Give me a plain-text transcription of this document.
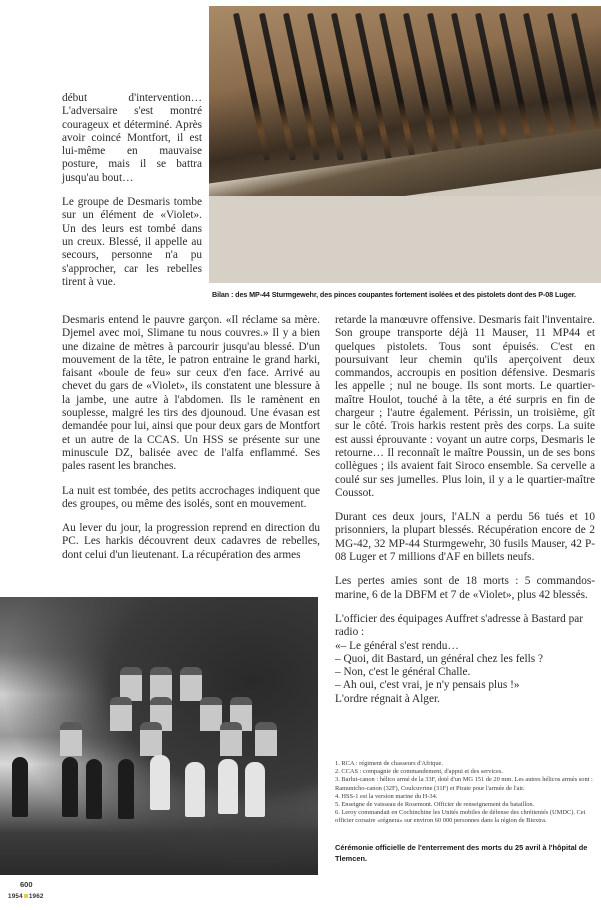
Bilan : des MP-44 Sturmgewehr, des pinces coupantes fortement isolées et des pistolets dont des P-08 Luger.

début d'intervention… L'adversaire s'est montré courageux et déterminé. Après avoir coincé Montfort, il est lui-même en mauvaise posture, mais il se battra jusqu'au bout…

Le groupe de Desmaris tombe sur un élément de «Violet». Un des leurs est tombé dans un creux. Blessé, il appelle au secours, personne n'a pu s'approcher, car les rebelles tirent à vue.

Desmaris entend le pauvre garçon. «Il réclame sa mère. Djemel avec moi, Slimane tu nous couvres.» Il y a bien une dizaine de mètres à parcourir jusqu'au blessé. D'un mouvement de la tête, le patron entraine le grand harki, faisant «boule de feu» sur ceux d'en face. Arrivé au chevet du gars de «Violet», ils constatent une blessure à la jambe, une autre à l'abdomen. Ils le ramènent en souplesse, malgré les tirs des djounoud. Une évasan est demandée pour lui, ainsi que pour deux gars de Montfort et un autre de la CCAS. Un HSS se présente sur une minuscule DZ, balisée avec de l'alfa enflammé. Ses pales rasent les branches.

La nuit est tombée, des petits accrochages indiquent que des groupes, ou même des isolés, sont en mouvement.

Au lever du jour, la progression reprend en direction du PC. Les harkis découvrent deux cadavres de rebelles, dont celui d'un lieutenant. La récupération des armes

retarde la manœuvre offensive. Desmaris fait l'inventaire. Son groupe transporte déjà 11 Mauser, 11 MP44 et quelques pistolets. Tous sont épuisés. C'est en poursuivant leur chemin qu'ils aperçoivent deux commandos, accroupis en position défensive. Desmaris les appelle ; nul ne bouge. Ils sont morts. Le quartier-maître Houlot, touché à la tête, a été surpris en fin de chargeur ; l'autre également. Périssin, un troisième, gît sur le côté. Trois harkis restent près des corps. La suite est aussi éprouvante : voyant un autre corps, Desmaris le retourne… Il reconnaît le maître Poussin, un de ses bons collègues ; ils avaient fait Siroco ensemble. Sa cervelle a coulé sur ses jumelles. Plus loin, il y a le quartier-maître Coussot.

Durant ces deux jours, l'ALN a perdu 56 tués et 10 prisonniers, la plupart blessés. Récupération encore de 2 MG-42, 32 MP-44 Sturmgewehr, 30 fusils Mauser, 42 P-08 Luger et 7 millions d'AF en billets neufs.

Les pertes amies sont de 18 morts : 5 commandos-marine, 6 de la DBFM et 7 de «Violet», plus 42 blessés.

L'officier des équipages Auffret s'adresse à Bastard par radio :

«– Le général s'est rendu…

– Quoi, dit Bastard, un général chez les fells ?

– Non, c'est le général Challe.

– Ah oui, c'est vrai, je n'y pensais plus !»

L'ordre régnait à Alger.

1. RCA : régiment de chasseurs d'Afrique.
2. CCAS : compagnie de commandement, d'appui et des services.
3. Barlut-canon : hélico armé de la 33F, doté d'un MG 151 de 20 mm. Les autres hélicos armés sont : Ramuntcho-canon (32F), Coulcuvrine (31F) et Pirate pour l'armée de l'air.
4. HSS-1 est la version marine du H-34.
5. Enseigne de vaisseau de Rosemont. Officier de renseignement du bataillon.
6. Leroy commandait en Cochinchine les Unités mobiles de défense des chrétientés (UMDC). Cet officier corsaire «régnera» sur environ 60 000 personnes dans la région de Biextra.
Cérémonie officielle de l'enterrement des morts du 25 avril à l'hôpital de Tlemcen.
600
1954 1962
